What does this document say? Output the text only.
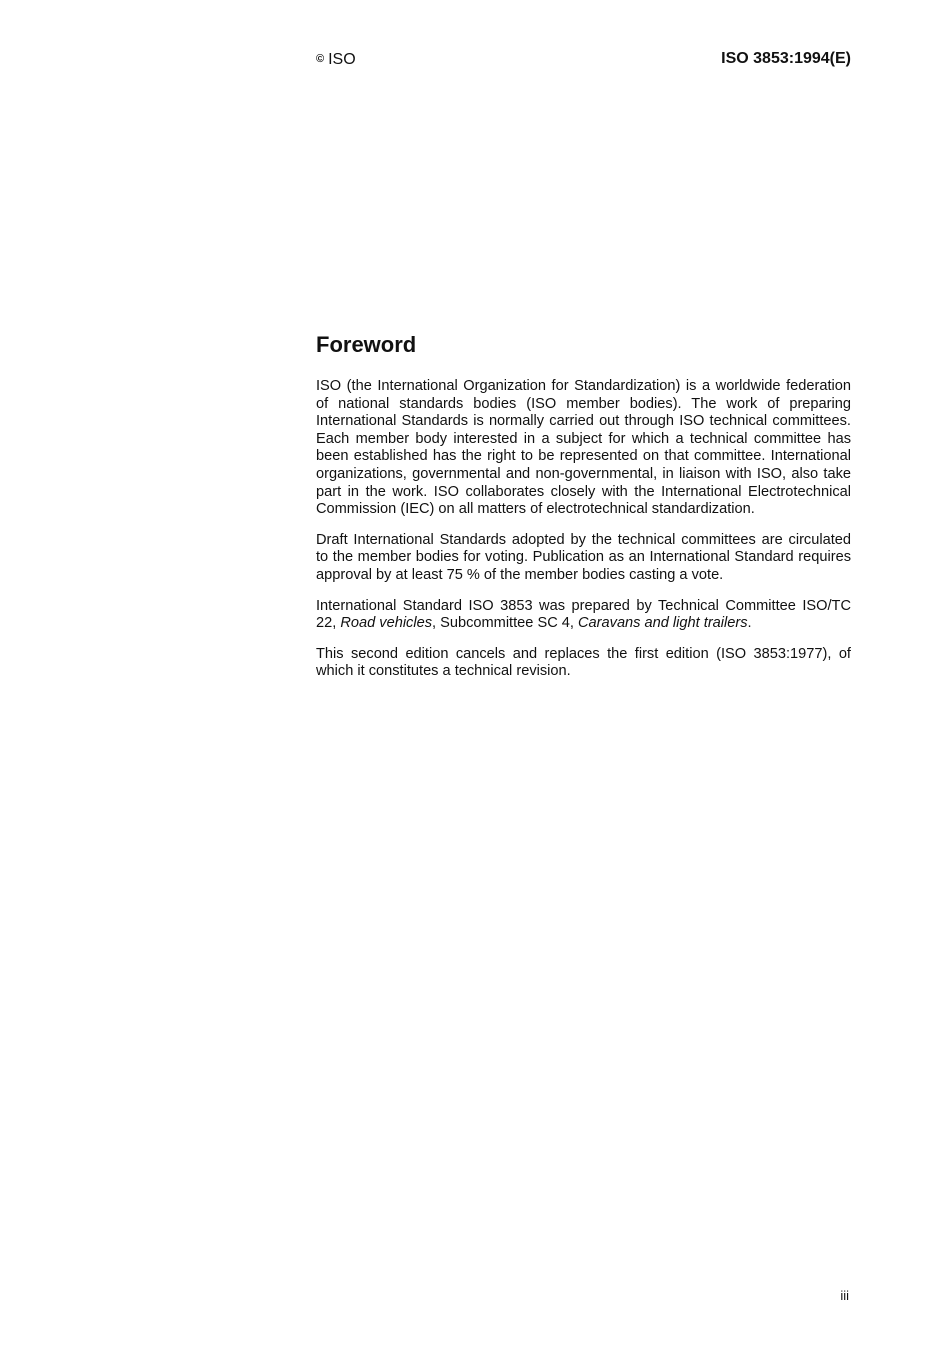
© ISO	ISO 3853:1994(E)
Foreword

ISO (the International Organization for Standardization) is a worldwide federation of national standards bodies (ISO member bodies). The work of preparing International Standards is normally carried out through ISO technical committees. Each member body interested in a subject for which a technical committee has been established has the right to be represented on that committee. International organizations, governmental and non-governmental, in liaison with ISO, also take part in the work. ISO collaborates closely with the International Electrotechnical Commission (IEC) on all matters of electrotechnical standardization.

Draft International Standards adopted by the technical committees are circulated to the member bodies for voting. Publication as an International Standard requires approval by at least 75 % of the member bodies casting a vote.

International Standard ISO 3853 was prepared by Technical Committee ISO/TC 22, Road vehicles, Subcommittee SC 4, Caravans and light trailers.

This second edition cancels and replaces the first edition (ISO 3853:1977), of which it constitutes a technical revision.

iii
